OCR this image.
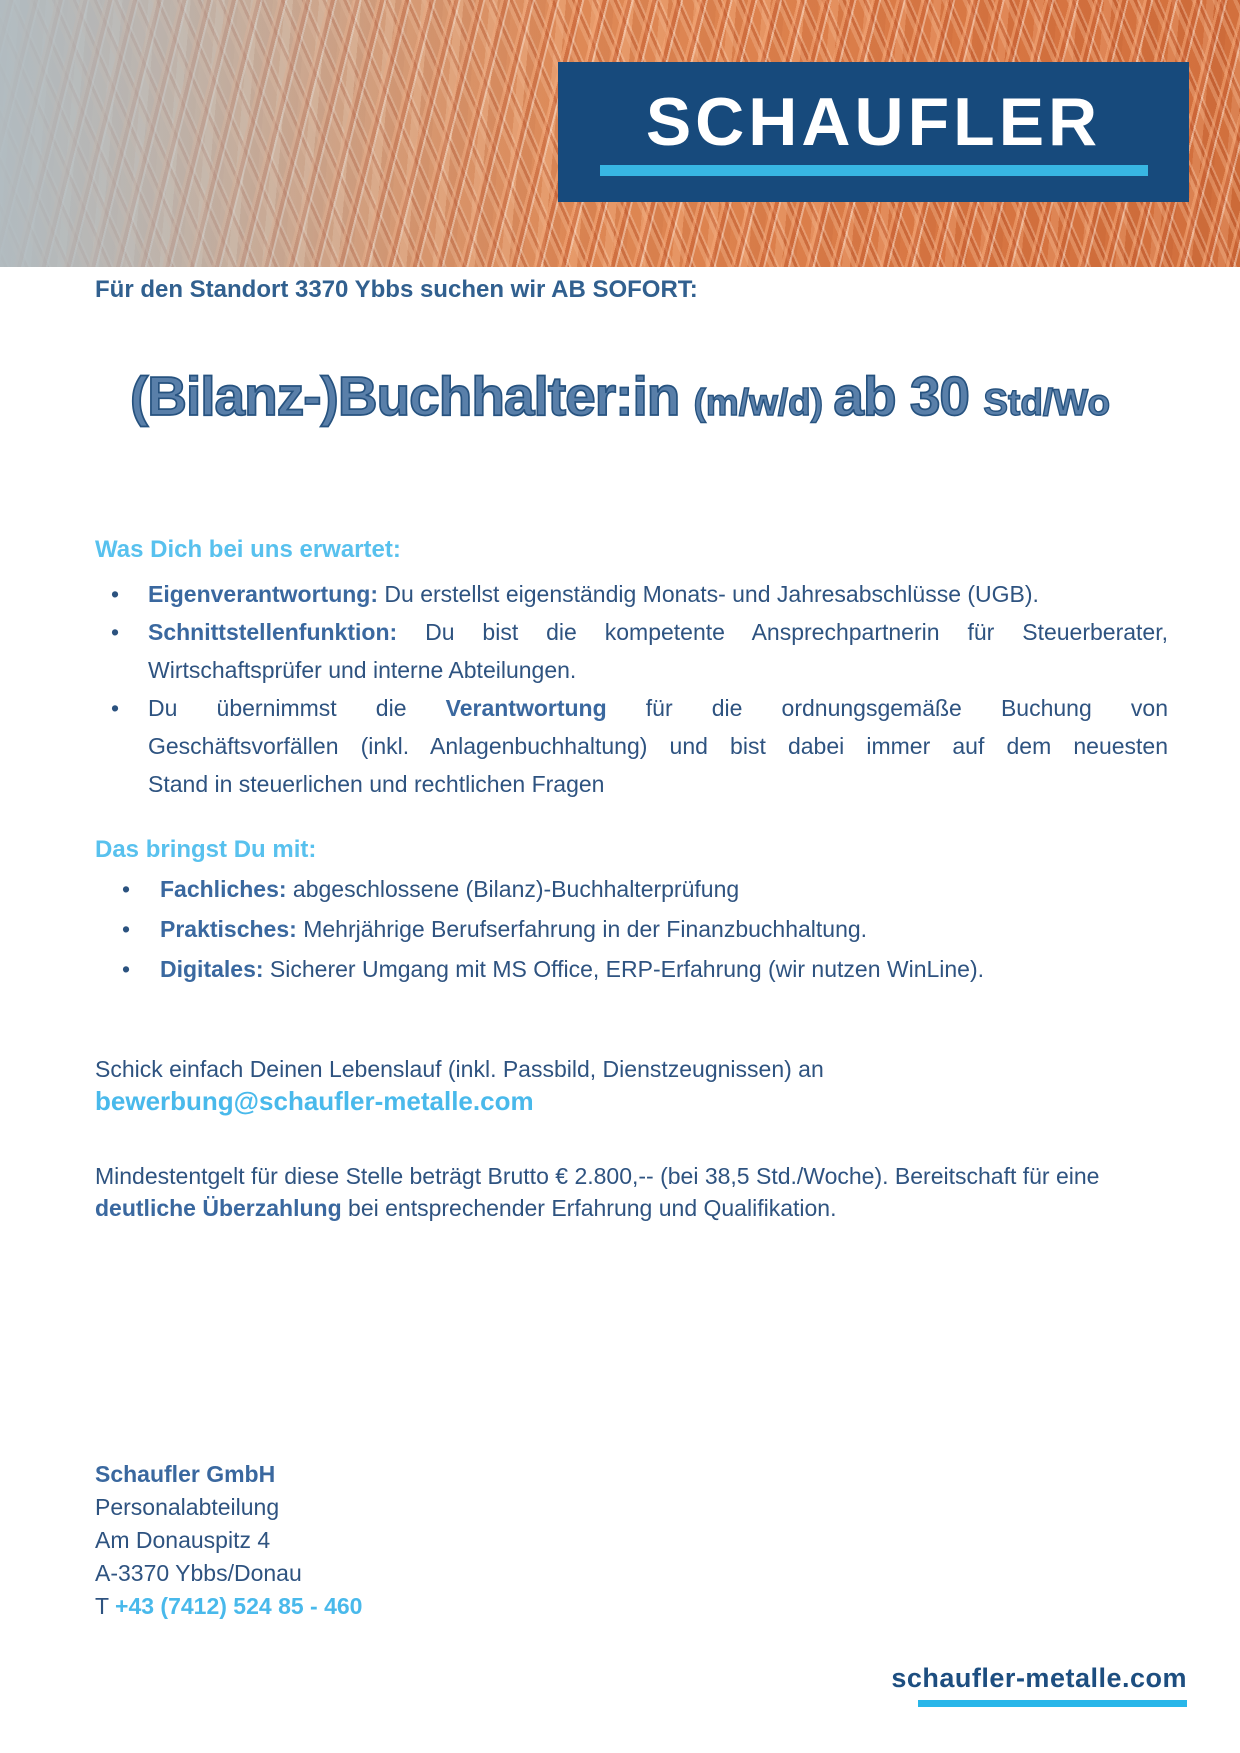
SCHAUFLER
Für den Standort 3370 Ybbs suchen wir AB SOFORT:
(Bilanz-)Buchhalter:in (m/w/d) ab 30 Std/Wo
Was Dich bei uns erwartet:
• Eigenverantwortung: Du erstellst eigenständig Monats- und Jahresabschlüsse (UGB).
• Schnittstellenfunktion: Du bist die kompetente Ansprechpartnerin für Steuerberater,
Wirtschaftsprüfer und interne Abteilungen.
• Du übernimmst die Verantwortung für die ordnungsgemäße Buchung von
Geschäftsvorfällen (inkl. Anlagenbuchhaltung) und bist dabei immer auf dem neuesten
Stand in steuerlichen und rechtlichen Fragen
Das bringst Du mit:
• Fachliches: abgeschlossene (Bilanz)-Buchhalterprüfung
• Praktisches: Mehrjährige Berufserfahrung in der Finanzbuchhaltung.
• Digitales: Sicherer Umgang mit MS Office, ERP-Erfahrung (wir nutzen WinLine).

Schick einfach Deinen Lebenslauf (inkl. Passbild, Dienstzeugnissen) an

bewerbung@schaufler-metalle.com

Mindestentgelt für diese Stelle beträgt Brutto € 2.800,-- (bei 38,5 Std./Woche). Bereitschaft für eine deutliche Überzahlung bei entsprechender Erfahrung und Qualifikation.

Schaufler GmbH
Personalabteilung
Am Donauspitz 4
A-3370 Ybbs/Donau
T +43 (7412) 524 85 - 460
schaufler-metalle.com
